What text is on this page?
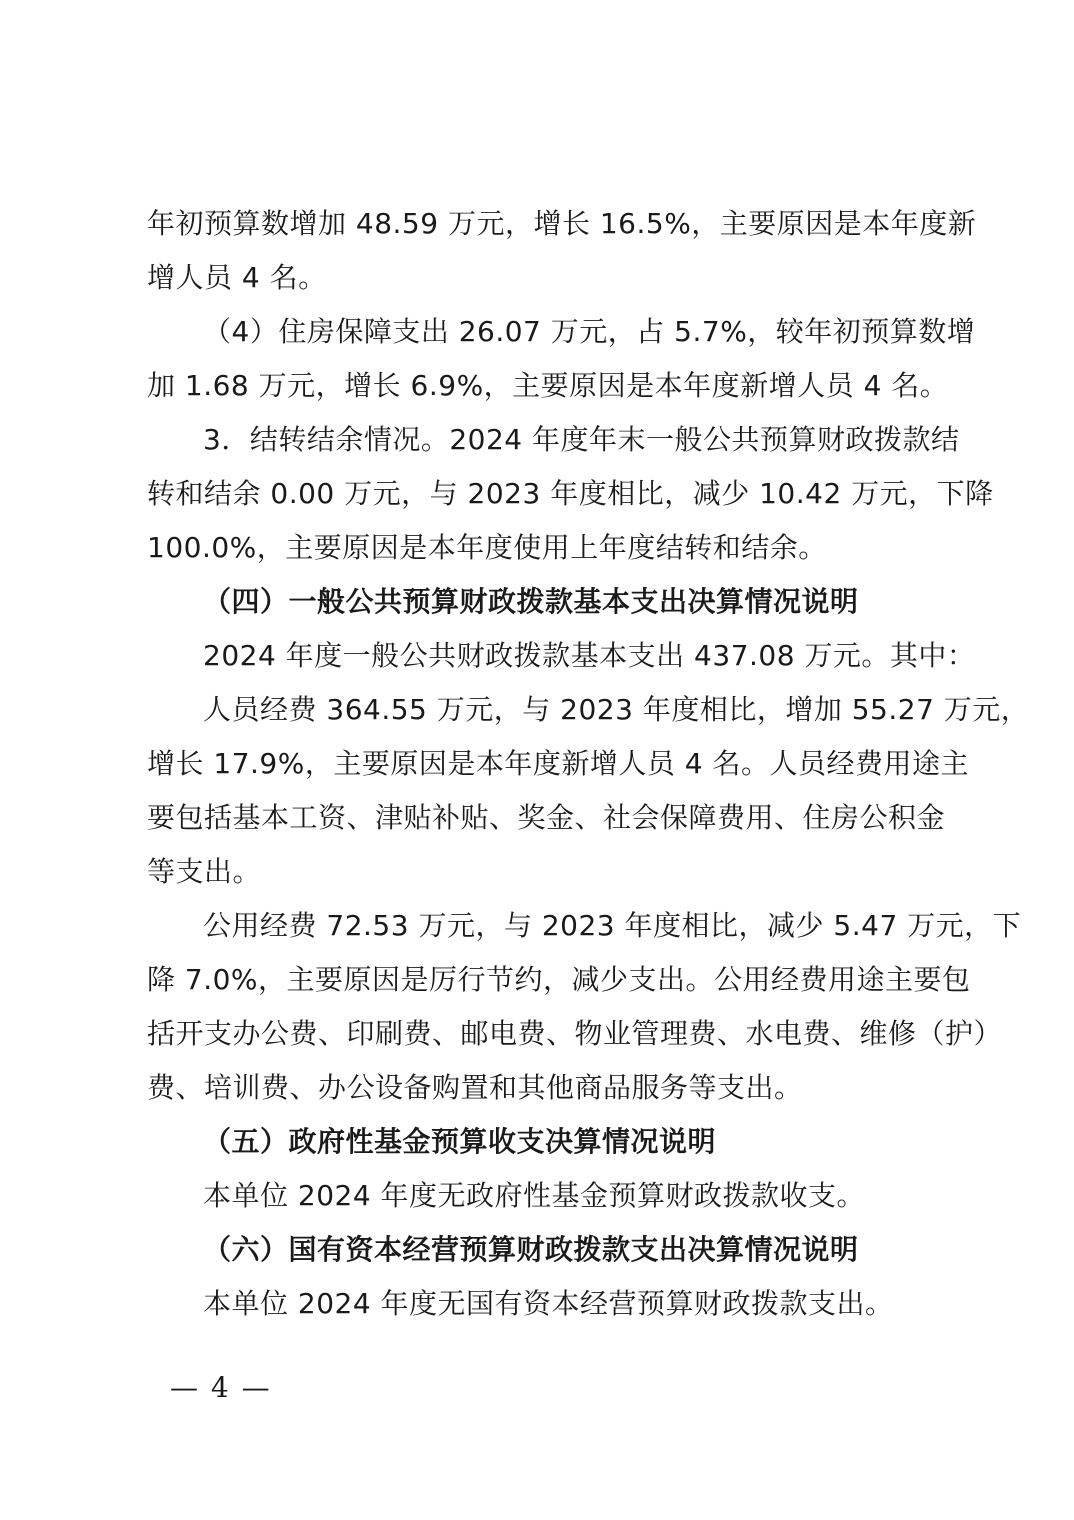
年初预算数增加 48.59 万元，增长 16.5%，主要原因是本年度新
增人员 4 名。
（4）住房保障支出 26.07 万元，占 5.7%，较年初预算数增
加 1.68 万元，增长 6.9%，主要原因是本年度新增人员 4 名。
3．结转结余情况。2024 年度年末一般公共预算财政拨款结
转和结余 0.00 万元，与 2023 年度相比，减少 10.42 万元，下降
100.0%，主要原因是本年度使用上年度结转和结余。
（四）一般公共预算财政拨款基本支出决算情况说明
2024 年度一般公共财政拨款基本支出 437.08 万元。其中：
人员经费 364.55 万元，与 2023 年度相比，增加 55.27 万元，
增长 17.9%，主要原因是本年度新增人员 4 名。人员经费用途主
要包括基本工资、津贴补贴、奖金、社会保障费用、住房公积金
等支出。
公用经费 72.53 万元，与 2023 年度相比，减少 5.47 万元，下
降 7.0%，主要原因是厉行节约，减少支出。公用经费用途主要包
括开支办公费、印刷费、邮电费、物业管理费、水电费、维修（护）
费、培训费、办公设备购置和其他商品服务等支出。
（五）政府性基金预算收支决算情况说明
本单位 2024 年度无政府性基金预算财政拨款收支。
（六）国有资本经营预算财政拨款支出决算情况说明
本单位 2024 年度无国有资本经营预算财政拨款支出。
— 4 —
